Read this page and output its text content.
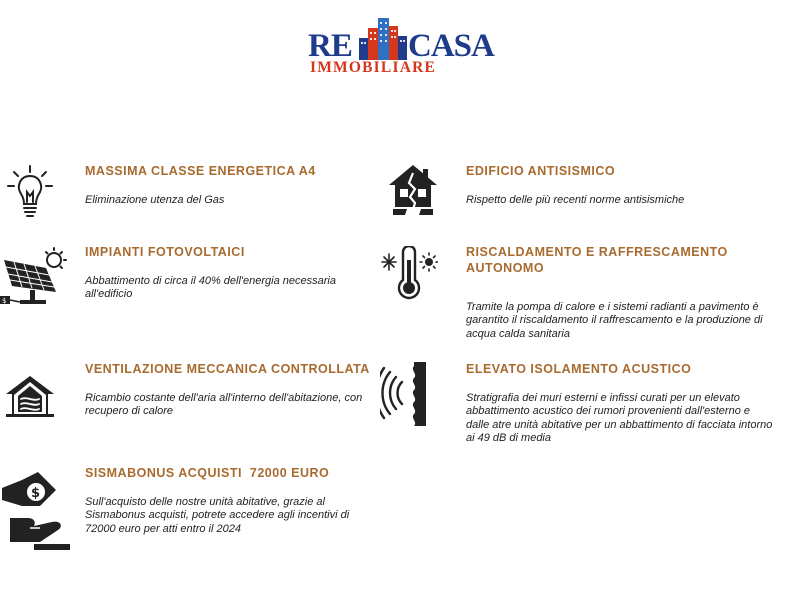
RE CASA
IMMOBILIARE
MASSIMA CLASSE ENERGETICA A4
Eliminazione utenza del Gas
EDIFICIO ANTISISMICO
Rispetto delle più recenti norme antisismiche
$
IMPIANTI FOTOVOLTAICI
Abbattimento di circa il 40% dell'energia necessaria all'edificio
RISCALDAMENTO E RAFFRESCAMENTO AUTONOMO
Tramite la pompa di calore e i sistemi radianti a pavimento è garantito il riscaldamento il raffrescamento e la produzione di acqua calda sanitaria
VENTILAZIONE MECCANICA CONTROLLATA
Ricambio costante dell'aria all'interno dell'abitazione, con recupero di calore
ELEVATO ISOLAMENTO ACUSTICO
Stratigrafia dei muri esterni e infissi curati per un elevato abbattimento acustico dei rumori provenienti dall'esterno e dalle atre unità abitative per un abbattimento di facciata intorno ai 49 dB di media
$
SISMABONUS ACQUISTI  72000 EURO
Sull'acquisto delle nostre unità abitative, grazie al Sismabonus acquisti, potrete accedere agli incentivi di 72000 euro per atti entro il 2024
